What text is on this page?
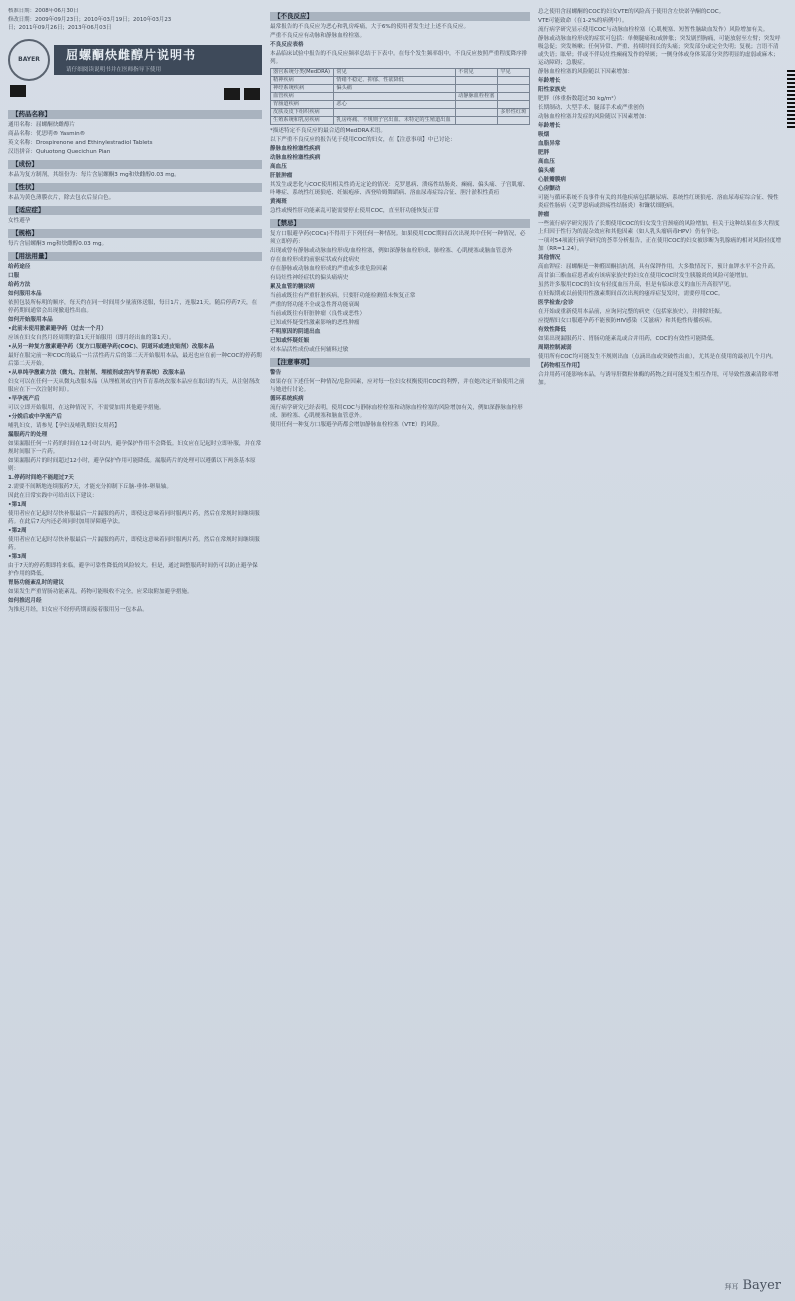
核准日期：2008年06月30日

修改日期：2009年09月23日；2010年03月19日；2010年03月23

日；2011年09月26日；2013年06月03日

BAYER 屈螺酮炔雌醇片说明书
请仔细阅读说明书并在医师指导下使用
【药品名称】

通用名称：屈螺酮炔雌醇片

商品名称：优思明® Yasmin®

英文名称：Drospirenone and Ethinylestradiol Tablets

汉语拼音：Qułuotong Quecichun Pian

【成份】

本品为复方制剂，其组份为：每片含屈螺酮3 mg和炔雌醇0.03 mg。

【性状】

本品为黄色薄膜衣片，除去包衣后显白色。

【适应症】

女性避孕

【规格】

每片含屈螺酮3 mg和炔雌醇0.03 mg。

【用法用量】

给药途径

口服

给药方法

如何服用本品

依照包装所标明的顺序，每天约在同一时间用少量液体送服，每日1片，连服21天。随后停药7天，在停药期间通常会出现撤退性出血。

如何开始服用本品

•此前未使用激素避孕药（过去一个月）

应该在妇女自然月经周期的第1天开始服用（即月经出血的第1天）。

•从另一种复方激素避孕药（复方口服避孕药(COC)、阴道环或透皮贴剂）改服本品

最好在服完前一种COC的最后一片活性药片后的第二天开始服用本品，最迟也应在前一种COC的停药期后第二天开始。

•从单纯孕激素方法（微丸、注射剂、埋植剂或宫内节育系统）改服本品

妇女可以在任何一天从微丸改服本品（从埋植剂或宫内节育系统改服本品应在取出的当天，从注射剂改服应在下一次注射时间）。

•早孕流产后

可以立即开始服用，在这种情况下，不需要加用其他避孕措施。

•分娩后或中孕流产后

哺乳妇女，请参见【孕妇及哺乳期妇女用药】

漏服药片的处理

如果漏服任何一片药的时间在12小时以内，避孕保护作用不会降低。妇女应在记起时立即补服，并在常规时间服下一片药。

如果漏服药片的时间超过12小时，避孕保护作用可能降低。漏服药片的处理可以遵循以下两条基本原则：

1.停药时间绝不能超过7天

2.需要不间断地连续服药7天，才能充分抑制下丘脑-垂体-卵巢轴。

因此在日常实践中可给出以下建议：

•第1周

使用者应在记起时尽快补服最后一片漏服的药片，即使这意味着同时服两片药，然后在常规时间继续服药。在此后7天内还必须同时加用屏障避孕法。

•第2周

使用者应在记起时尽快补服最后一片漏服的药片，即使这意味着同时服两片药。然后在常规时间继续服药。

•第3周

由于7天的停药期即将来临，避孕可靠性降低的风险较大。但是，通过调整服药时间仍可以防止避孕保护作用的降低。

胃肠功能紊乱时的建议

如果发生严重胃肠功能紊乱，药物可能吸收不完全，应采取附加避孕措施。

如何推迟月经

为推迟月经，妇女应不经停药期而接着服用另一包本品。

【不良反应】

最常报告的不良反应为恶心和乳房疼痛，大于6%的使用者发生过上述不良反应。

严重不良反应有动脉和静脉血栓栓塞。

不良反应表格

本品临床试验中报告的不良反应频率总结于下表中。在每个发生频率组中，不良反应按照严重程度降序排列。

器官系统分类(MedDRA)	常见	不常见	罕见
精神疾病	情绪不稳定、抑郁、性欲降低		
神经系统疾病	偏头痛		
血管疾病		动静脉血栓栓塞	
胃肠道疾病	恶心		
皮肤及皮下组织疾病			多形性红斑
生殖系统和乳房疾病	乳房疼痛、不规则子宫出血、未特定的生殖道出血		

*描述特定不良反应的最合适的MedDRA术语。

以下严重不良反应的报告见于使用COC的妇女，在【注意事项】中已讨论：

静脉血栓栓塞性疾病

动脉血栓栓塞性疾病

高血压

肝脏肿瘤

其发生或恶化与COC使用相关性尚无定论的情况：克罗恩病、溃疡性结肠炎、癫痫、偏头痛、子宫肌瘤、卟啉症、系统性红斑狼疮、妊娠疱疹、西登哈姆舞蹈病、溶血尿毒症综合征、胆汁淤积性黄疸

黄褐斑

急性或慢性肝功能紊乱可能需要停止使用COC，直至肝功能恢复正常

【禁忌】

复方口服避孕药(COCs)不得用于下列任何一种情况。如果使用COC期间首次出现其中任何一种情况，必须立即停药：

出现或曾有静脉或动脉血栓形成/血栓栓塞，例如深静脉血栓形成、肺栓塞、心肌梗塞或脑血管意外

存在血栓形成的前驱症状或有此病史

存在静脉或动脉血栓形成的严重或多重危险因素

有局灶性神经症状的偏头痛病史

累及血管的糖尿病

当前或既往有严重肝脏疾病，只要肝功能检测值未恢复正常

严重的肾功能不全或急性肾功能衰竭

当前或既往有肝脏肿瘤（良性或恶性）

已知或怀疑受性激素影响的恶性肿瘤

不明原因的阴道出血

已知或怀疑妊娠

对本品活性成份或任何辅料过敏

【注意事项】

警告

如果存在下述任何一种情况/危险因素，应对每一位妇女权衡使用COC的利弊，并在她决定开始使用之前与她进行讨论。

循环系统疾病

流行病学研究已经表明，使用COC与静脉血栓栓塞和动脉血栓栓塞的风险增加有关，例如深静脉血栓形成、肺栓塞、心肌梗塞和脑血管意外。

使用任何一种复方口服避孕药都会增加静脉血栓栓塞（VTE）的风险。

总之使用含屈螺酮的COC的妇女VTE的风险高于使用含左炔诺孕酮的COC。

VTE可能致命（在1-2%的病例中）。

流行病学研究显示使用COC与动脉血栓栓塞（心肌梗塞、短暂性脑缺血发作）风险增加有关。

静脉或动脉血栓形成的症状可包括：单侧腿痛和/或肿胀；突发剧烈胸痛，可能放射至左臂；突发呼吸急促；突发咳嗽；任何异常、严重、持续时间长的头痛；突发部分或完全失明；复视；言语不清或失语；眩晕；伴或不伴局灶性癫痫发作的晕厥；一侧身体或身体某部分突然明显的虚弱或麻木；运动障碍；急腹症。

静脉血栓栓塞的风险随以下因素增加：

年龄增长

阳性家族史

肥胖（体重指数超过30 kg/m²）

长期制动、大型手术、腿部手术或严重创伤

动脉血栓栓塞并发症的风险随以下因素增加：

年龄增长

吸烟

血脂异常

肥胖

高血压

偏头痛

心脏瓣膜病

心房颤动

可能与循环系统不良事件有关的其他疾病包括糖尿病、系统性红斑狼疮、溶血尿毒症综合征、慢性炎症性肠病（克罗恩病或溃疡性结肠炎）和镰状细胞病。

肿瘤

一些流行病学研究报告了长期使用COC的妇女发生宫颈癌的风险增加，但关于这种结果在多大程度上归因于性行为的混杂效应和其他因素（如人乳头瘤病毒HPV）仍有争论。

一项对54项流行病学研究的荟萃分析报告，正在使用COC的妇女被诊断为乳腺癌的相对风险轻度增加（RR=1.24）。

其他情况

高血钾症：屈螺酮是一种醛固酮拮抗剂，具有保钾作用。大多数情况下，预计血钾水平不会升高。

高甘油三酯血症患者或有该病家族史的妇女在使用COC时发生胰腺炎的风险可能增加。

虽然许多服用COC的妇女有轻度血压升高，但是有临床意义的血压升高很罕见。

在妊娠期或以前使用性激素期间首次出现的瘙痒症复发时，需要停用COC。

医学检查/会诊

在开始或重新使用本品前，应询问完整的病史（包括家族史），并排除妊娠。

应提醒妇女口服避孕药不能预防HIV感染（艾滋病）和其他性传播疾病。

有效性降低

如果出现漏服药片、胃肠功能紊乱或合并用药，COC的有效性可能降低。

周期控制减弱

使用所有COC均可能发生不规则出血（点滴出血或突破性出血），尤其是在使用的最初几个月内。

【药物相互作用】

合并用药可能影响本品，与诱导肝微粒体酶的药物之间可能发生相互作用，可导致性激素清除率增加。

拜耳 Bayer
